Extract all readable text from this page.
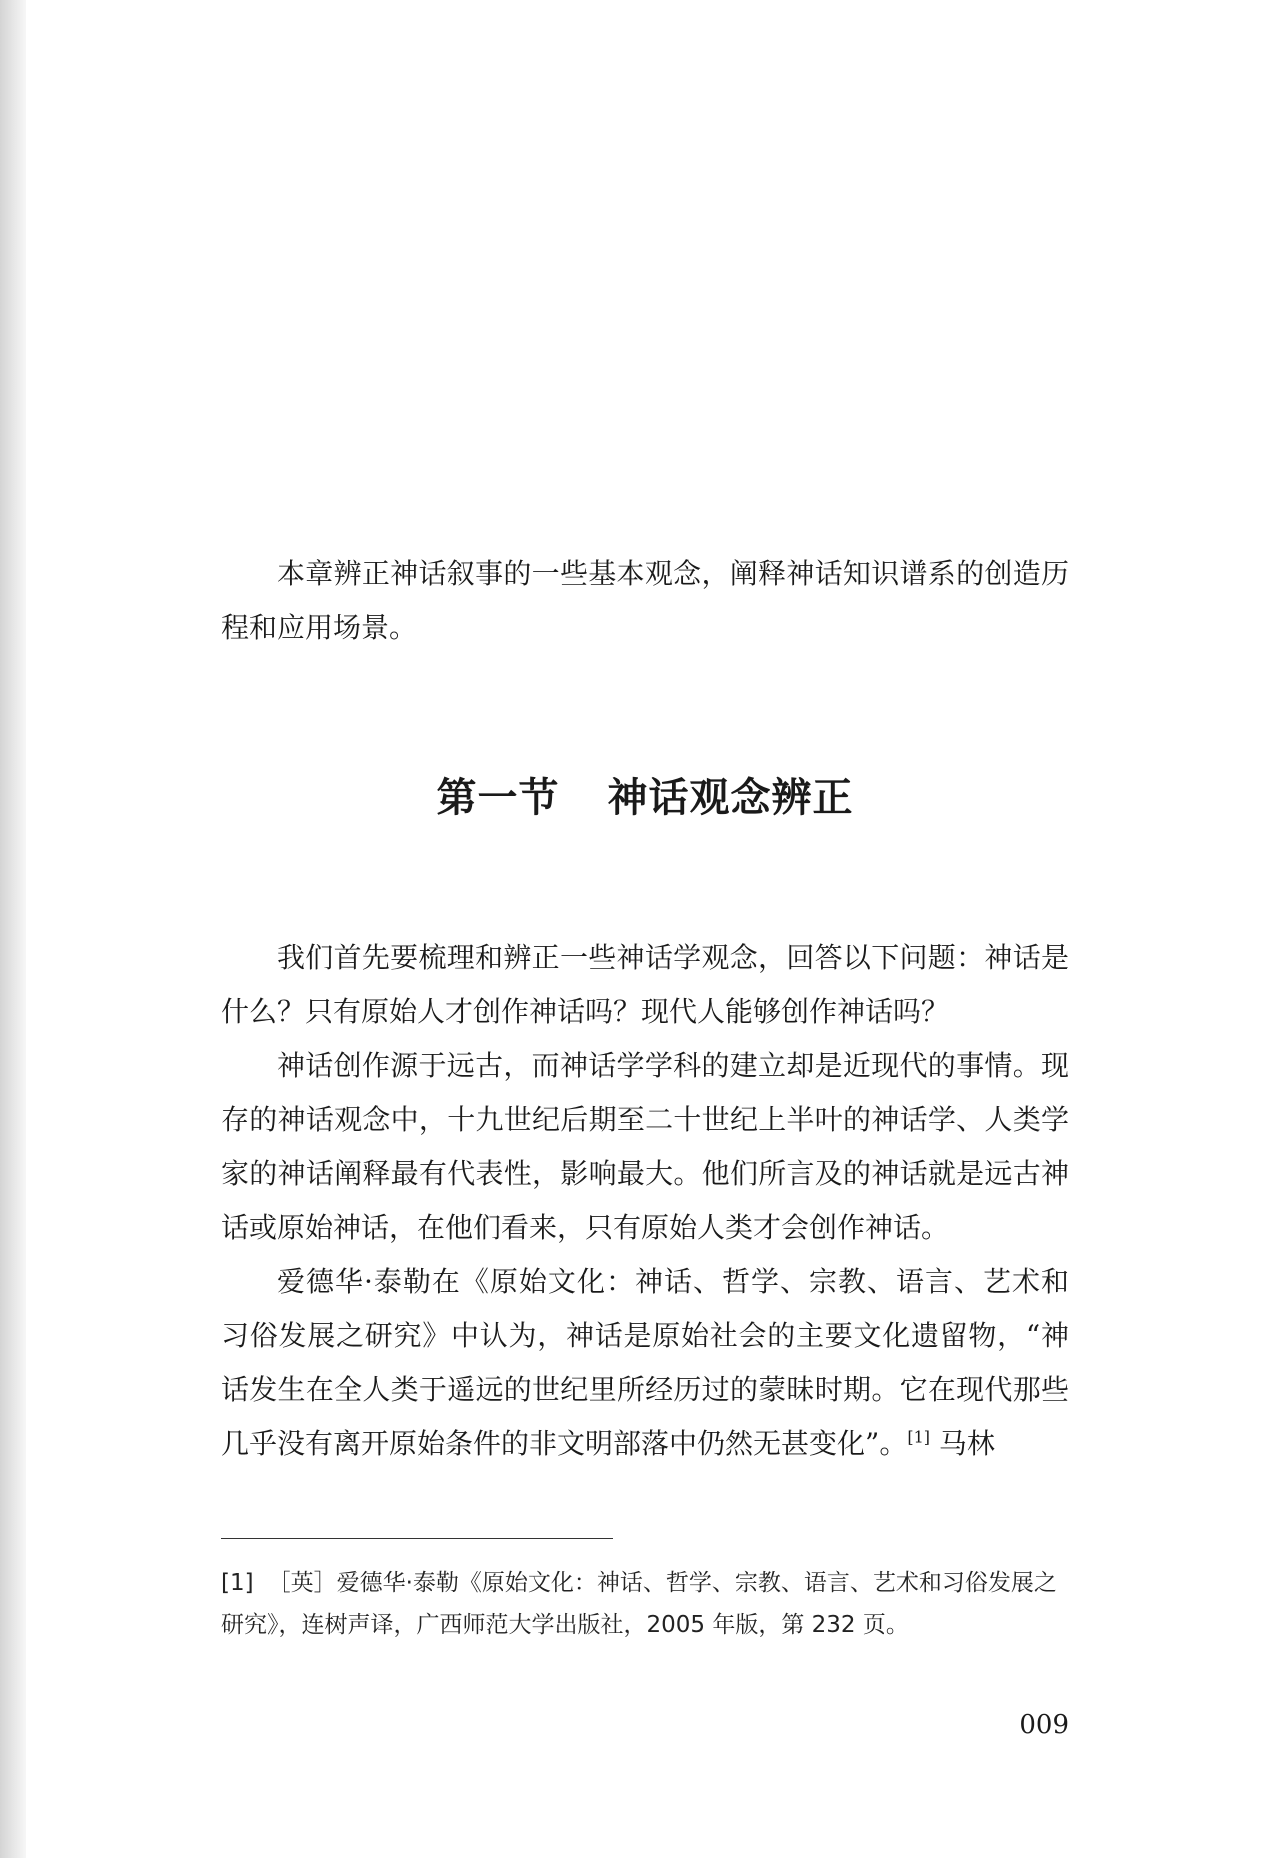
本章辨正神话叙事的一些基本观念，阐释神话知识谱系的创造历程和应用场景。

第一节 神话观念辨正

我们首先要梳理和辨正一些神话学观念，回答以下问题：神话是什么？只有原始人才创作神话吗？现代人能够创作神话吗？

神话创作源于远古，而神话学学科的建立却是近现代的事情。现存的神话观念中，十九世纪后期至二十世纪上半叶的神话学、人类学家的神话阐释最有代表性，影响最大。他们所言及的神话就是远古神话或原始神话，在他们看来，只有原始人类才会创作神话。

爱德华·泰勒在《原始文化：神话、哲学、宗教、语言、艺术和习俗发展之研究》中认为，神话是原始社会的主要文化遗留物，“神话发生在全人类于遥远的世纪里所经历过的蒙昧时期。它在现代那些几乎没有离开原始条件的非文明部落中仍然无甚变化”。[1] 马林

[1] ［英］爱德华·泰勒《原始文化：神话、哲学、宗教、语言、艺术和习俗发展之研究》，连树声译，广西师范大学出版社，2005 年版，第 232 页。

009
